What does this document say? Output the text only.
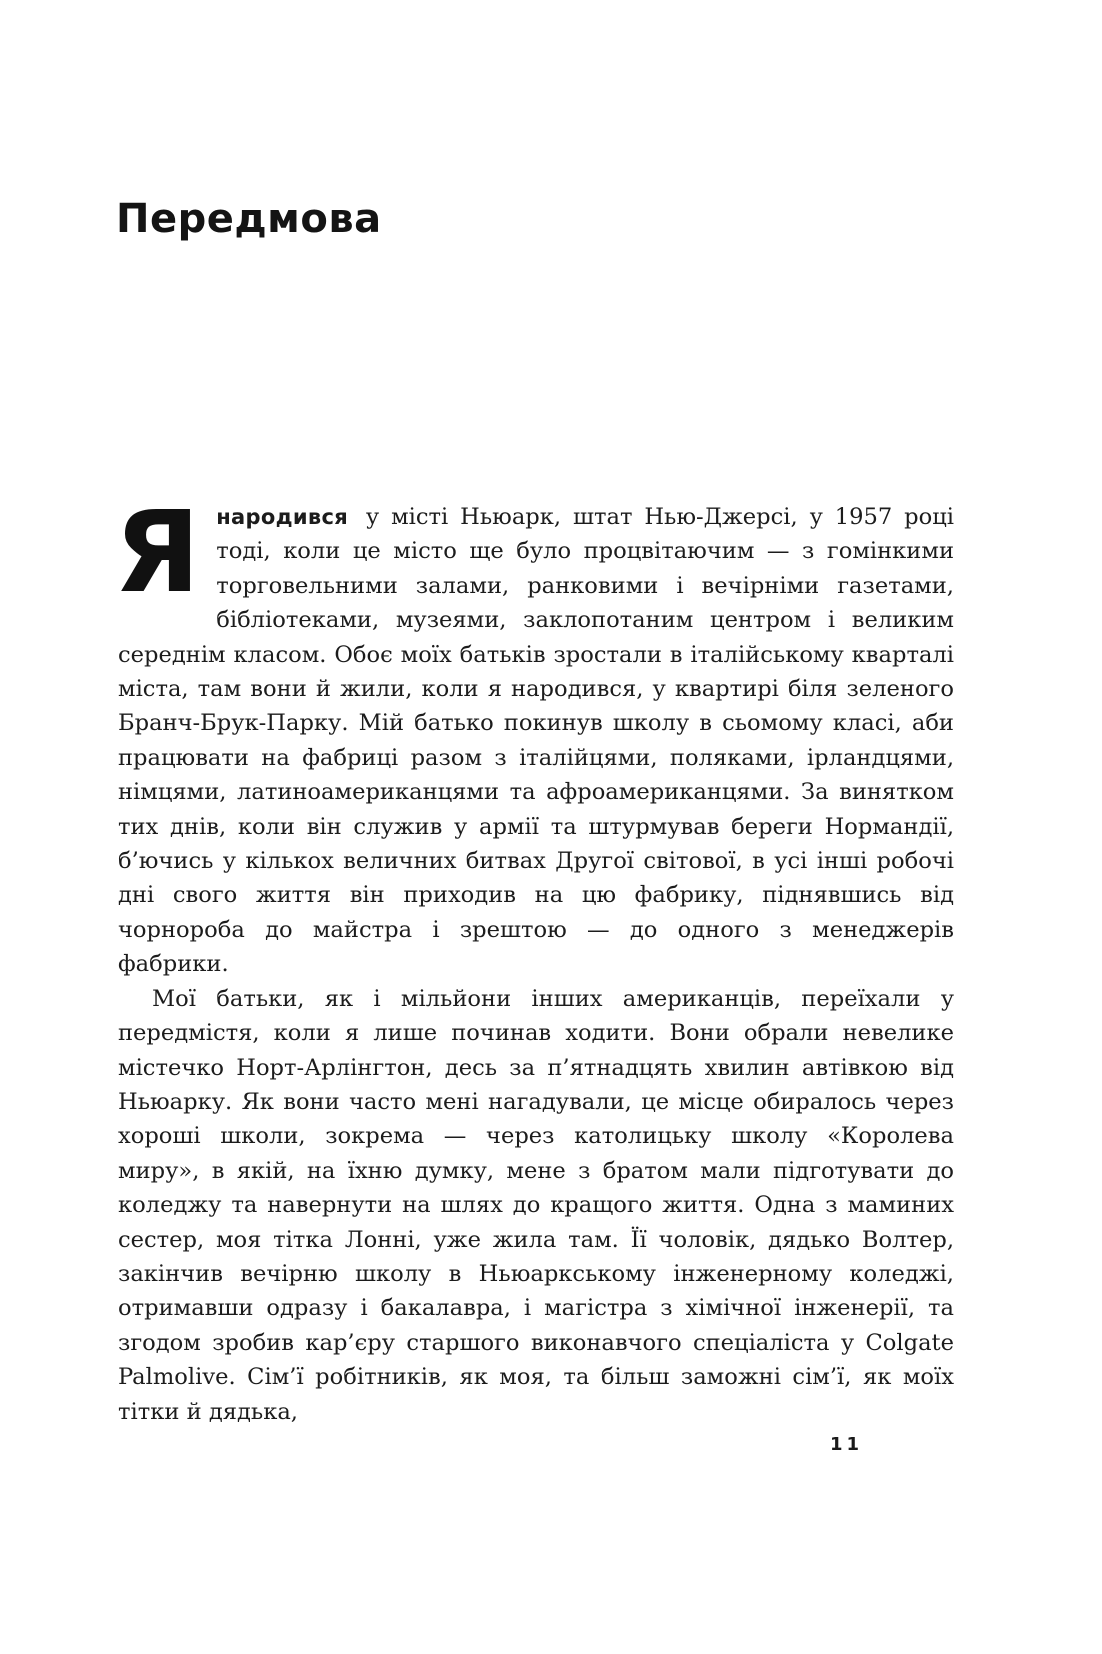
Передмова

Янародився у місті Ньюарк, штат Нью-Джерсі, у 1957 році тоді, коли це місто ще було процвітаючим — з гомінкими торговельними залами, ранковими і вечірніми газетами, бібліотеками, музеями, заклопотаним центром і великим середнім класом. Обоє моїх батьків зростали в італійському кварталі міста, там вони й жили, коли я народився, у квартирі біля зеленого Бранч-Брук-Парку. Мій батько покинув школу в сьомому класі, аби працювати на фабриці разом з італійцями, поляками, ірландцями, німцями, латиноамериканцями та афроамериканцями. За винятком тих днів, коли він служив у армії та штурмував береги Нормандії, б’ючись у кількох величних битвах Другої світової, в усі інші робочі дні свого життя він приходив на цю фабрику, піднявшись від чорнороба до майстра і зрештою — до одного з менеджерів фабрики.

Мої батьки, як і мільйони інших американців, переїхали у передмістя, коли я лише починав ходити. Вони обрали невелике містечко Норт-Арлінгтон, десь за п’ятнадцять хвилин автівкою від Ньюарку. Як вони часто мені нагадували, це місце обиралось через хороші школи, зокрема — через католицьку школу «Королева миру», в якій, на їхню думку, мене з братом мали підготувати до коледжу та навернути на шлях до кращого життя. Одна з маминих сестер, моя тітка Лонні, уже жила там. Її чоловік, дядько Волтер, закінчив вечірню школу в Ньюаркському інженерному коледжі, отримавши одразу і бакалавра, і магістра з хімічної інженерії, та згодом зробив кар’єру старшого виконавчого спеціаліста у Colgate Palmolive. Сім’ї робітників, як моя, та більш заможні сім’ї, як моїх тітки й дядька,

11
